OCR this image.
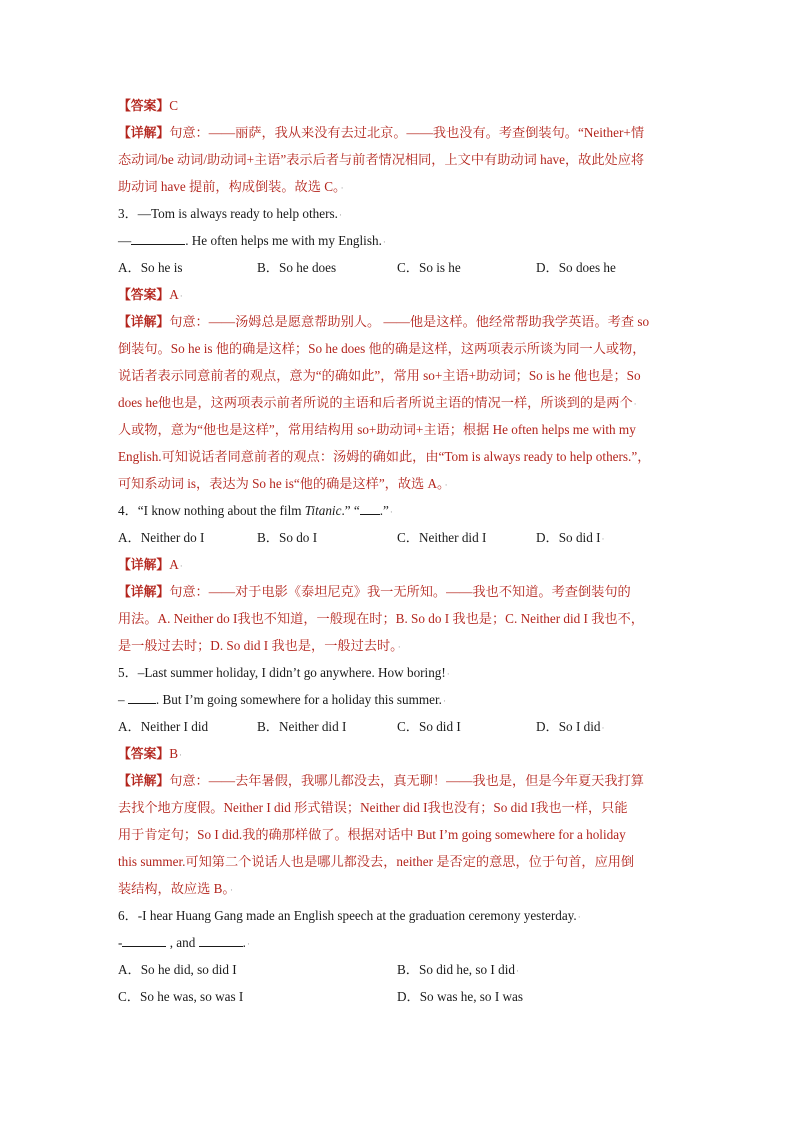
【答案】C
【详解】句意：——丽萨，我从来没有去过北京。——我也没有。考查倒装句。“Neither+情
态动词/be 动词/助动词+主语”表示后者与前者情况相同，上文中有助动词 have，故此处应将
助动词 have 提前，构成倒装。故选 C。·
3．—Tom is always ready to help others.·
—	. He often helps me with my English.·
A．So he is	B．So he does	C．So is he	D．So does he
【答案】A·
【详解】句意：——汤姆总是愿意帮助别人。 ——他是这样。他经常帮助我学英语。考查 so
倒装句。So he is 他的确是这样；So he does 他的确是这样，这两项表示所谈为同一人或物，
说话者表示同意前者的观点，意为“的确如此”，常用 so+主语+助动词；So is he 他也是；So
does he他也是，这两项表示前者所说的主语和后者所说主语的情况一样，所谈到的是两个·
人或物，意为“他也是这样”，常用结构用 so+助动词+主语；根据 He often helps me with my
English.可知说话者同意前者的观点：汤姆的确如此，由“Tom is always ready to help others.”，
可知系动词 is，表达为 So he is“他的确是这样”，故选 A。·
4．“I know nothing about the film Titanic.” “ .”·
A．Neither do I	B．So do I	C．Neither did I	D．So did I·
【详解】A·
【详解】句意：——对于电影《泰坦尼克》我一无所知。——我也不知道。考查倒装句的
用法。A. Neither do I我也不知道，一般现在时；B. So do I 我也是；C. Neither did I 我也不，
是一般过去时；D. So did I 我也是，一般过去时。·
5．–Last summer holiday, I didn’t go anywhere. How boring!·
– . But I’m going somewhere for a holiday this summer.·
A．Neither I did	B．Neither did I	C．So did I	D．So I did·
【答案】B·
【详解】句意：——去年暑假，我哪儿都没去，真无聊！——我也是，但是今年夏天我打算
去找个地方度假。Neither I did 形式错误；Neither did I我也没有；So did I我也一样，只能
用于肯定句；So I did.我的确那样做了。根据对话中 But I’m going somewhere for a holiday
this summer.可知第二个说话人也是哪儿都没去，neither 是否定的意思，位于句首，应用倒
装结构，故应选 B。·
6．-I hear Huang Gang made an English speech at the graduation ceremony yesterday.·
-	, and	.·
A．So he did, so did I	B．So did he, so I did·
C．So he was, so was I	D．So was he, so I was
